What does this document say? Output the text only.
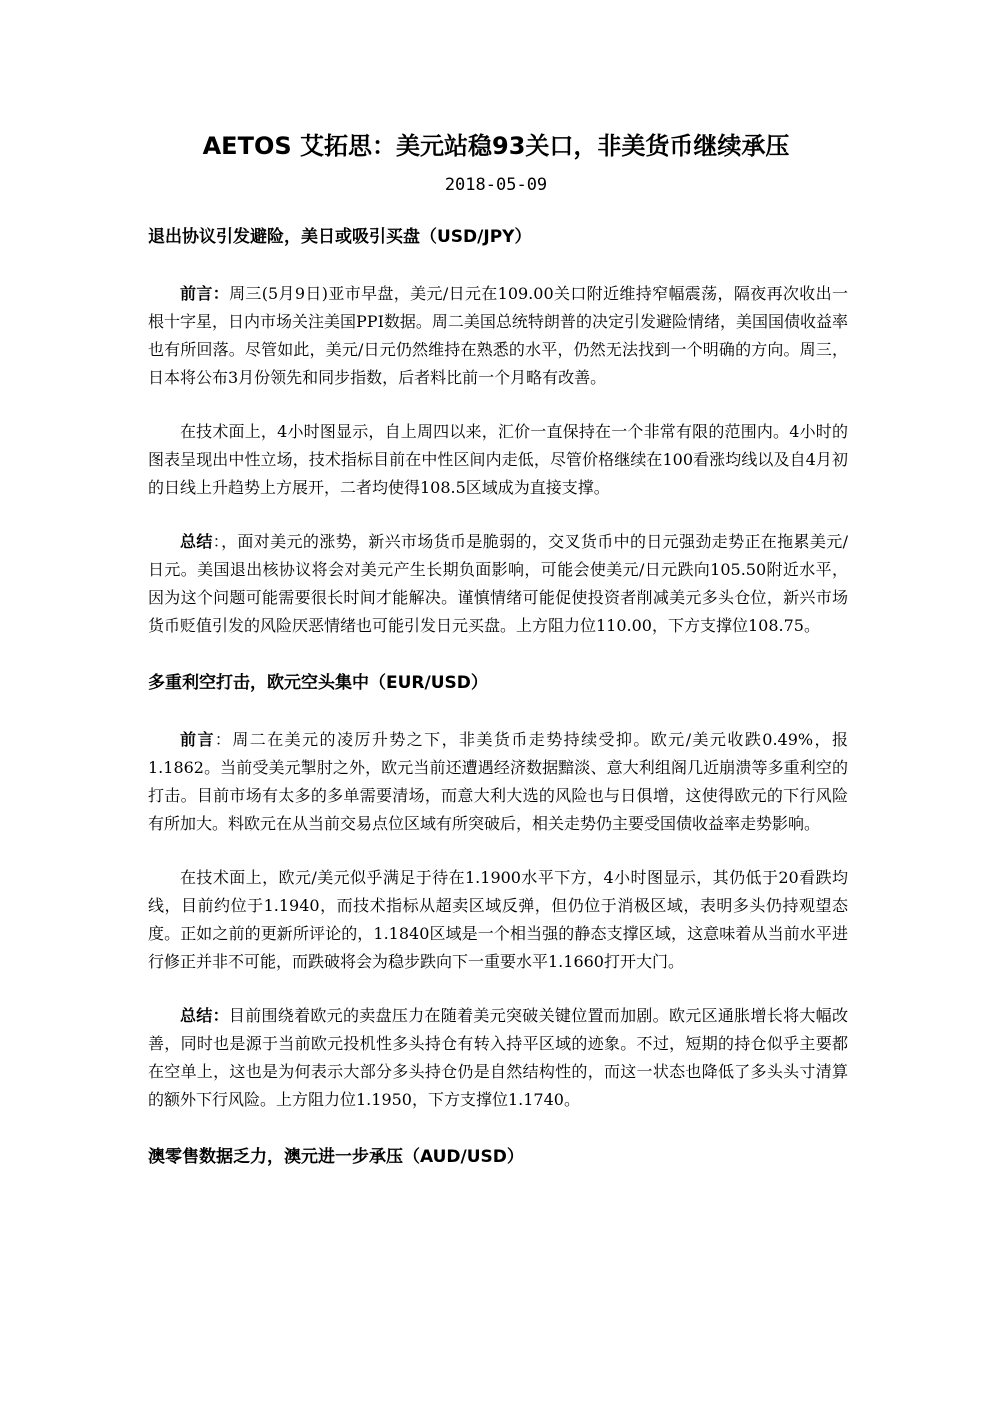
AETOS 艾拓思：美元站稳93关口，非美货币继续承压
2018-05-09
退出协议引发避险，美日或吸引买盘（USD/JPY）

前言：周三(5月9日)亚市早盘，美元/日元在109.00关口附近维持窄幅震荡，隔夜再次收出一根十字星，日内市场关注美国PPI数据。周二美国总统特朗普的决定引发避险情绪，美国国债收益率也有所回落。尽管如此，美元/日元仍然维持在熟悉的水平，仍然无法找到一个明确的方向。周三，日本将公布3月份领先和同步指数，后者料比前一个月略有改善。

在技术面上，4小时图显示，自上周四以来，汇价一直保持在一个非常有限的范围内。4小时的图表呈现出中性立场，技术指标目前在中性区间内走低，尽管价格继续在100看涨均线以及自4月初的日线上升趋势上方展开，二者均使得108.5区域成为直接支撑。

总结：，面对美元的涨势，新兴市场货币是脆弱的，交叉货币中的日元强劲走势正在拖累美元/日元。美国退出核协议将会对美元产生长期负面影响，可能会使美元/日元跌向105.50附近水平，因为这个问题可能需要很长时间才能解决。谨慎情绪可能促使投资者削减美元多头仓位，新兴市场货币贬值引发的风险厌恶情绪也可能引发日元买盘。上方阻力位110.00，下方支撑位108.75。

多重利空打击，欧元空头集中（EUR/USD）

前言：周二在美元的凌厉升势之下，非美货币走势持续受抑。欧元/美元收跌0.49%，报1.1862。当前受美元掣肘之外，欧元当前还遭遇经济数据黯淡、意大利组阁几近崩溃等多重利空的打击。目前市场有太多的多单需要清场，而意大利大选的风险也与日俱增，这使得欧元的下行风险有所加大。料欧元在从当前交易点位区域有所突破后，相关走势仍主要受国债收益率走势影响。

在技术面上，欧元/美元似乎满足于待在1.1900水平下方，4小时图显示，其仍低于20看跌均线，目前约位于1.1940，而技术指标从超卖区域反弹，但仍位于消极区域，表明多头仍持观望态度。正如之前的更新所评论的，1.1840区域是一个相当强的静态支撑区域，这意味着从当前水平进行修正并非不可能，而跌破将会为稳步跌向下一重要水平1.1660打开大门。

总结：目前围绕着欧元的卖盘压力在随着美元突破关键位置而加剧。欧元区通胀增长将大幅改善，同时也是源于当前欧元投机性多头持仓有转入持平区域的迹象。不过，短期的持仓似乎主要都在空单上，这也是为何表示大部分多头持仓仍是自然结构性的，而这一状态也降低了多头头寸清算的额外下行风险。上方阻力位1.1950，下方支撑位1.1740。

澳零售数据乏力，澳元进一步承压（AUD/USD）
